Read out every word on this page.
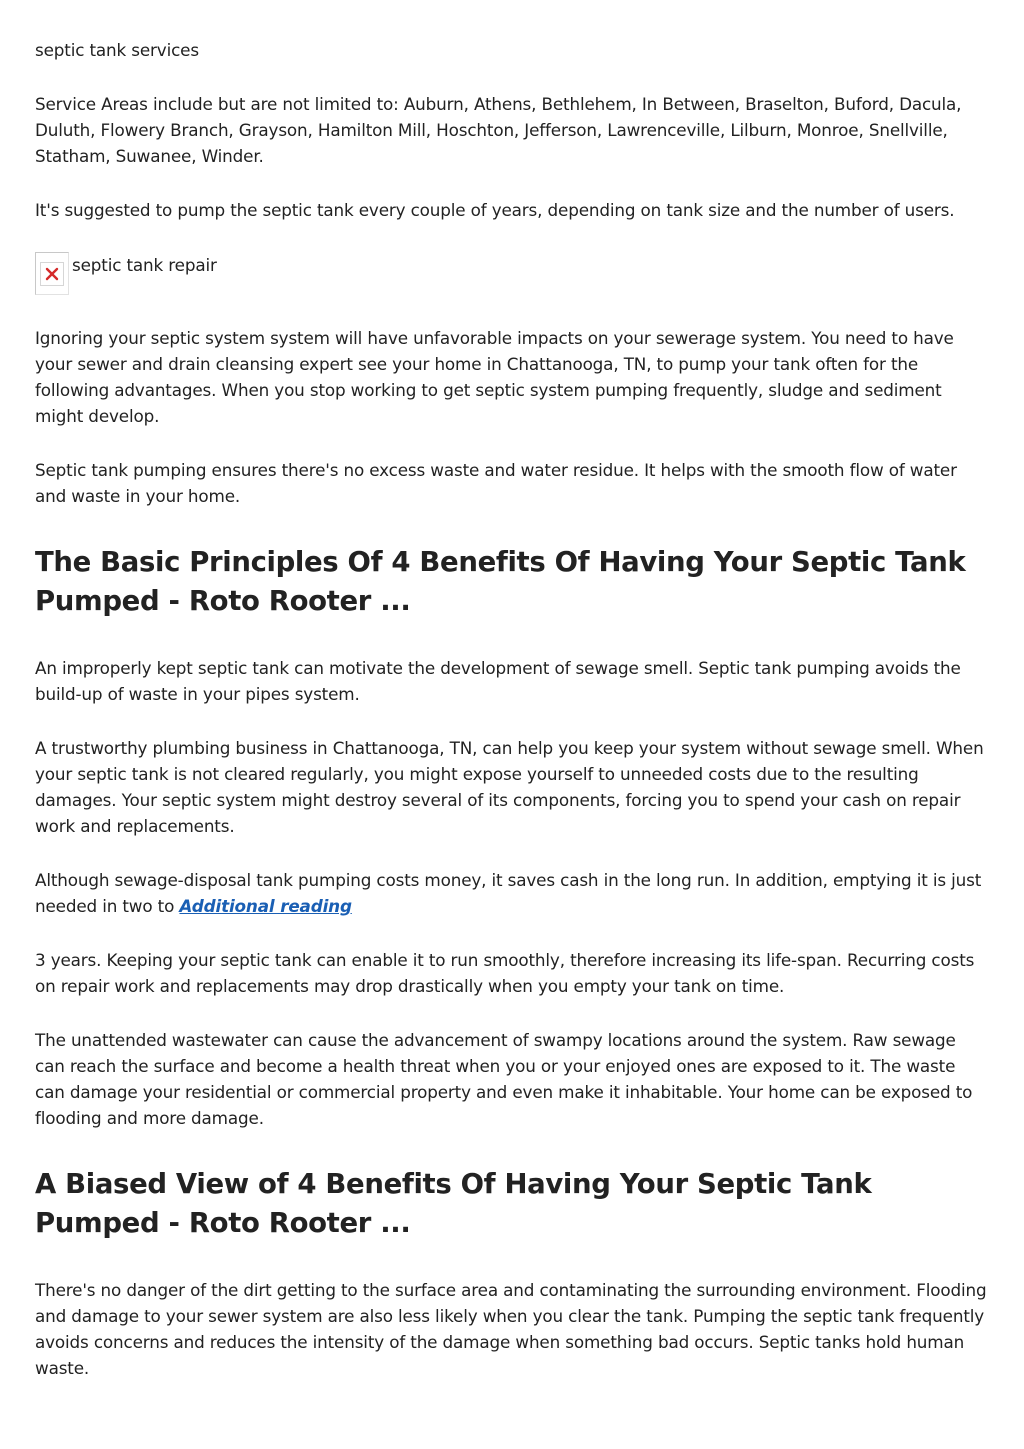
septic tank services

Service Areas include but are not limited to: Auburn, Athens, Bethlehem, In Between, Braselton, Buford, Dacula, Duluth, Flowery Branch, Grayson, Hamilton Mill, Hoschton, Jefferson, Lawrenceville, Lilburn, Monroe, Snellville, Statham, Suwanee, Winder.

It's suggested to pump the septic tank every couple of years, depending on tank size and the number of users.

septic tank repair

Ignoring your septic system system will have unfavorable impacts on your sewerage system. You need to have your sewer and drain cleansing expert see your home in Chattanooga, TN, to pump your tank often for the following advantages. When you stop working to get septic system pumping frequently, sludge and sediment might develop.

Septic tank pumping ensures there's no excess waste and water residue. It helps with the smooth flow of water and waste in your home.

The Basic Principles Of 4 Benefits Of Having Your Septic Tank Pumped - Roto Rooter ...

An improperly kept septic tank can motivate the development of sewage smell. Septic tank pumping avoids the build-up of waste in your pipes system.

A trustworthy plumbing business in Chattanooga, TN, can help you keep your system without sewage smell. When your septic tank is not cleared regularly, you might expose yourself to unneeded costs due to the resulting damages. Your septic system might destroy several of its components, forcing you to spend your cash on repair work and replacements.

Although sewage-disposal tank pumping costs money, it saves cash in the long run. In addition, emptying it is just needed in two to Additional reading

3 years. Keeping your septic tank can enable it to run smoothly, therefore increasing its life-span. Recurring costs on repair work and replacements may drop drastically when you empty your tank on time.

The unattended wastewater can cause the advancement of swampy locations around the system. Raw sewage can reach the surface and become a health threat when you or your enjoyed ones are exposed to it. The waste can damage your residential or commercial property and even make it inhabitable. Your home can be exposed to flooding and more damage.

A Biased View of 4 Benefits Of Having Your Septic Tank Pumped - Roto Rooter ...

There's no danger of the dirt getting to the surface area and contaminating the surrounding environment. Flooding and damage to your sewer system are also less likely when you clear the tank. Pumping the septic tank frequently avoids concerns and reduces the intensity of the damage when something bad occurs. Septic tanks hold human waste.
